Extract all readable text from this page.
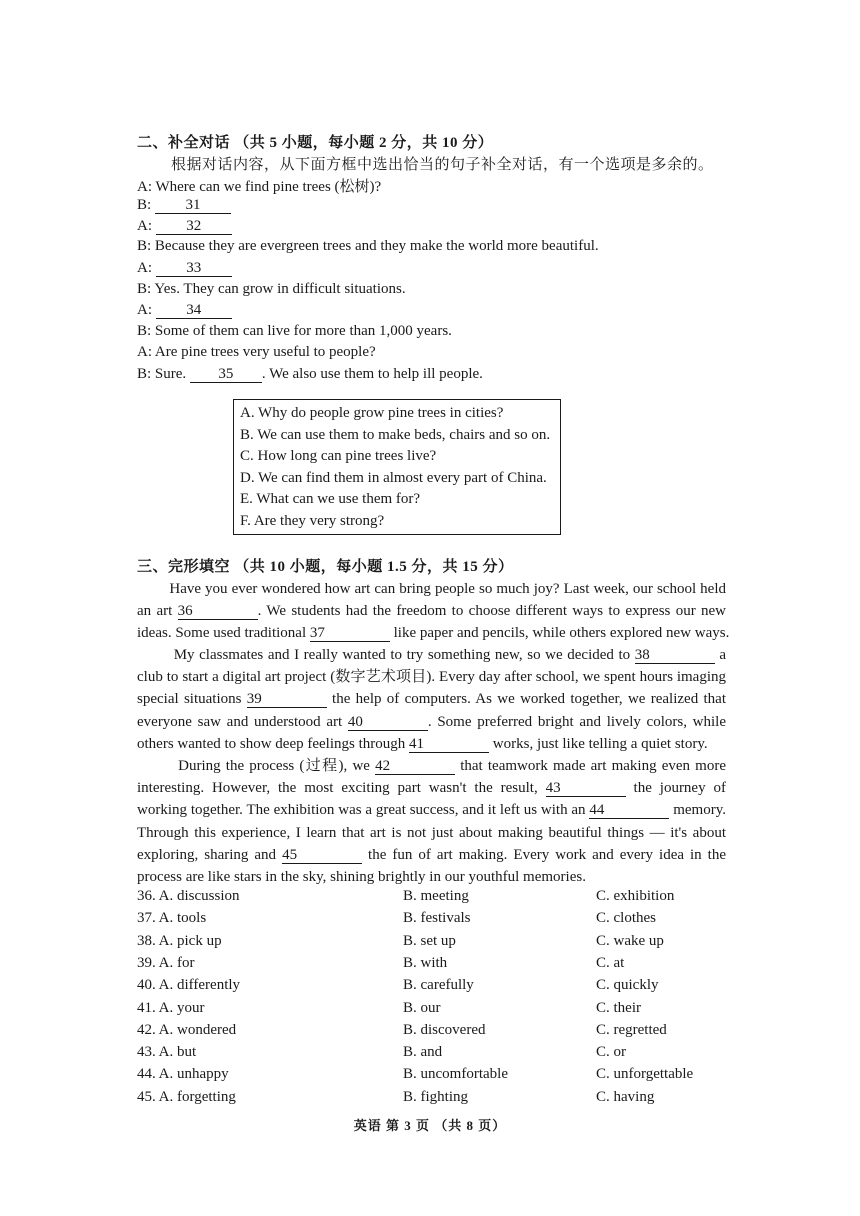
二、补全对话 （共 5 小题，每小题 2 分，共 10 分）
根据对话内容，从下面方框中选出恰当的句子补全对话，有一个选项是多余的。
A: Where can we find pine trees (松树)?
B: 31
A: 32
B: Because they are evergreen trees and they make the world more beautiful.
A: 33
B: Yes. They can grow in difficult situations.
A: 34
B: Some of them can live for more than 1,000 years.
A: Are pine trees very useful to people?
B: Sure. 35 . We also use them to help ill people.
A. Why do people grow pine trees in cities?
B. We can use them to make beds, chairs and so on.
C. How long can pine trees live?
D. We can find them in almost every part of China.
E. What can we use them for?
F. Are they very strong?
三、完形填空 （共 10 小题，每小题 1.5 分，共 15 分）
Have you ever wondered how art can bring people so much joy? Last week, our school held
an art 36	. We students had the freedom to choose different ways to express our new
ideas. Some used traditional 37	like paper and pencils, while others explored new ways.
My classmates and I really wanted to try something new, so we decided to 38	a
club to start a digital art project (数字艺术项目). Every day after school, we spent hours imaging
special situations 39	the help of computers. As we worked together, we realized that
everyone saw and understood art 40	. Some preferred bright and lively colors, while
others wanted to show deep feelings through 41	works, just like telling a quiet story.
During the process (过程), we 42	that teamwork made art making even more
interesting. However, the most exciting part wasn't the result, 43	the journey of
working together. The exhibition was a great success, and it left us with an 44	memory.
Through this experience, I learn that art is not just about making beautiful things — it's about
exploring, sharing and 45	the fun of art making. Every work and every idea in the
process are like stars in the sky, shining brightly in our youthful memories.
36. A. discussion	B. meeting	C. exhibition
37. A. tools	B. festivals	C. clothes
38. A. pick up	B. set up	C. wake up
39. A. for	B. with	C. at
40. A. differently	B. carefully	C. quickly
41. A. your	B. our	C. their
42. A. wondered	B. discovered	C. regretted
43. A. but	B. and	C. or
44. A. unhappy	B. uncomfortable	C. unforgettable
45. A. forgetting	B. fighting	C. having
英语 第 3 页 （共 8 页）
